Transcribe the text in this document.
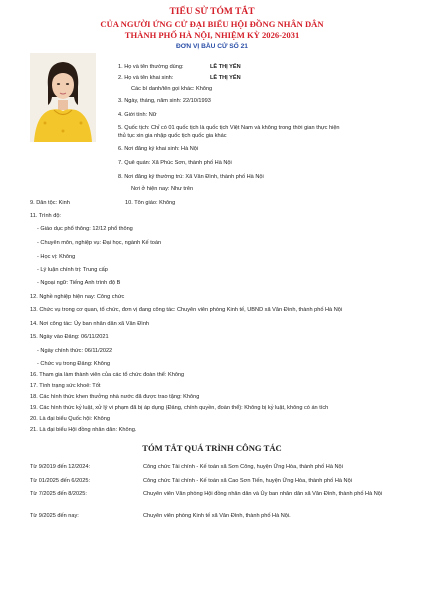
TIỂU SỬ TÓM TẮT
CỦA NGƯỜI ỨNG CỬ ĐẠI BIỂU HỘI ĐỒNG NHÂN DÂN
THÀNH PHỐ HÀ NỘI, NHIỆM KỲ 2026-2031
ĐƠN VỊ BẦU CỬ SỐ 21
1. Họ và tên thường dùng:	LÊ THỊ YẾN
2. Họ và tên khai sinh:	LÊ THỊ YẾN
Các bí danh/tên gọi khác: Không
3. Ngày, tháng, năm sinh: 22/10/1993
4. Giới tính: Nữ
5. Quốc tịch: Chỉ có 01 quốc tịch là quốc tịch Việt Nam và không trong thời gian thực hiện
thủ tục xin gia nhập quốc tịch quốc gia khác
6. Nơi đăng ký khai sinh: Hà Nội
7. Quê quán: Xã Phúc Sơn, thành phố Hà Nội
8. Nơi đăng ký thường trú: Xã Vân Đình, thành phố Hà Nội
Nơi ở hiện nay: Như trên
9. Dân tộc: Kinh	10. Tôn giáo: Không
11. Trình độ:
- Giáo dục phổ thông: 12/12 phổ thông
- Chuyên môn, nghiệp vụ: Đại học, ngành Kế toán
- Học vị: Không
- Lý luận chính trị: Trung cấp
- Ngoại ngữ: Tiếng Anh trình độ B
12. Nghề nghiệp hiện nay: Công chức
13. Chức vụ trong cơ quan, tổ chức, đơn vị đang công tác: Chuyên viên phòng Kinh tế, UBND xã Vân Đình, thành phố Hà Nội
14. Nơi công tác: Ủy ban nhân dân xã Vân Đình
15. Ngày vào Đảng: 06/11/2021
- Ngày chính thức: 06/11/2022
- Chức vụ trong Đảng: Không
16. Tham gia làm thành viên của các tổ chức đoàn thể: Không
17. Tình trạng sức khoẻ: Tốt
18. Các hình thức khen thưởng nhà nước đã được trao tặng: Không
TÓM TẮT QUÁ TRÌNH CÔNG TÁC
19. Các hình thức kỷ luật, xử lý vi phạm đã bị áp dụng (Đảng, chính quyền, đoàn thể): Không bị kỷ luật, không có án tích
Từ 9/2019 đến 12/2024:	Công chức Tài chính - Kế toán xã Sơn Công, huyện Ứng Hòa, thành phố Hà Nội
Từ 01/2025 đến 6/2025:	Công chức Tài chính - Kế toán xã Cao Sơn Tiến, huyện Ứng Hòa, thành phố Hà Nội
Từ 7/2025 đến 8/2025:	Chuyên viên Văn phòng Hội đồng nhân dân và Ủy ban nhân dân xã Vân Đình, thành phố Hà Nội
Từ 9/2025 đến nay:	Chuyên viên phòng Kinh tế xã Vân Đình, thành phố Hà Nội.
20. Là đại biểu Quốc hội: Không
21. Là đại biểu Hội đồng nhân dân: Không.
